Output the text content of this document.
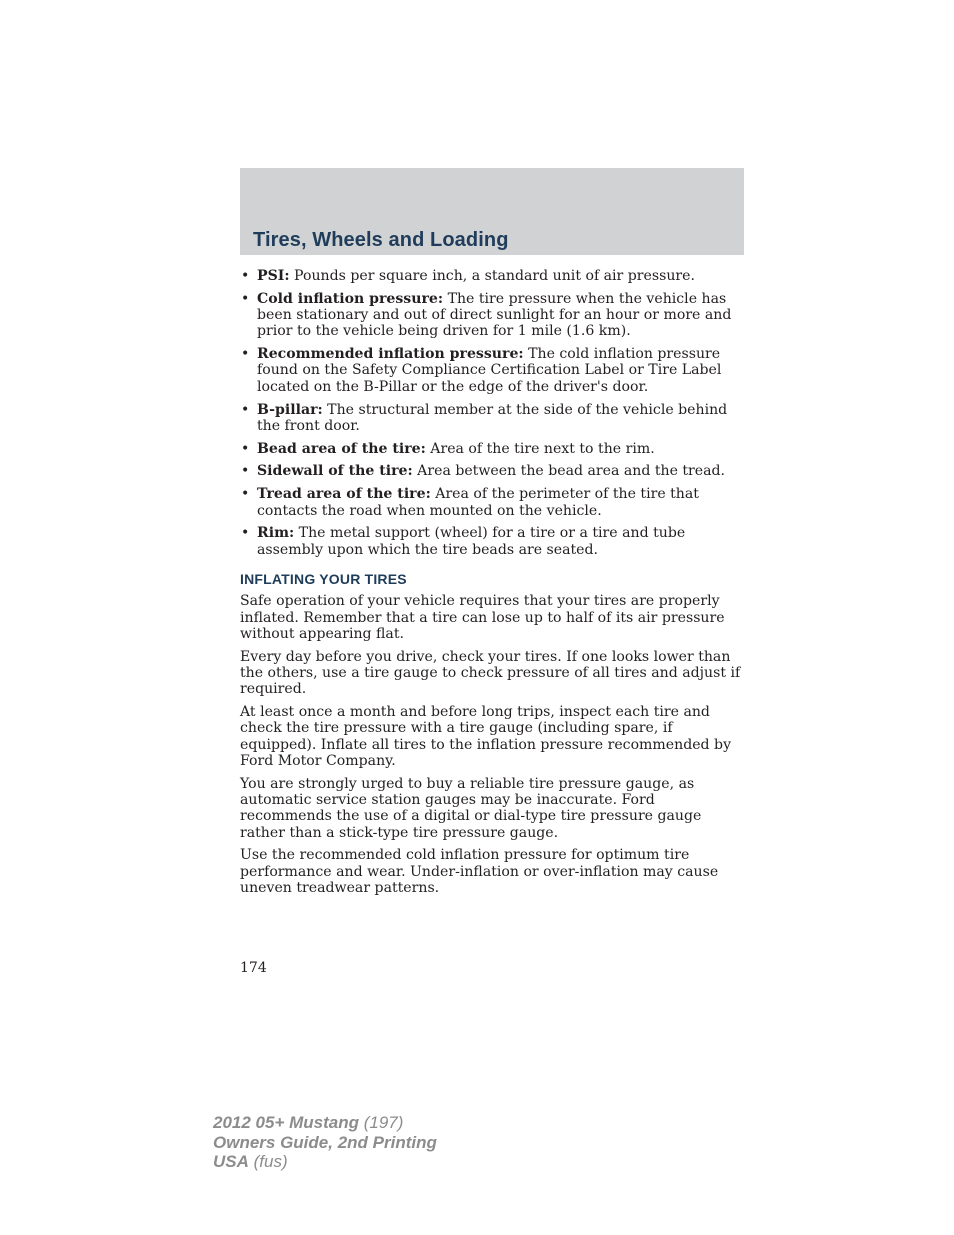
Tires, Wheels and Loading
• PSI: Pounds per square inch, a standard unit of air pressure.
• Cold inflation pressure: The tire pressure when the vehicle has been stationary and out of direct sunlight for an hour or more and prior to the vehicle being driven for 1 mile (1.6 km).
• Recommended inflation pressure: The cold inflation pressure found on the Safety Compliance Certification Label or Tire Label located on the B-Pillar or the edge of the driver's door.
• B-pillar: The structural member at the side of the vehicle behind the front door.
• Bead area of the tire: Area of the tire next to the rim.
• Sidewall of the tire: Area between the bead area and the tread.
• Tread area of the tire: Area of the perimeter of the tire that contacts the road when mounted on the vehicle.
• Rim: The metal support (wheel) for a tire or a tire and tube assembly upon which the tire beads are seated.
INFLATING YOUR TIRES

Safe operation of your vehicle requires that your tires are properly inflated. Remember that a tire can lose up to half of its air pressure without appearing flat.

Every day before you drive, check your tires. If one looks lower than the others, use a tire gauge to check pressure of all tires and adjust if required.

At least once a month and before long trips, inspect each tire and check the tire pressure with a tire gauge (including spare, if equipped). Inflate all tires to the inflation pressure recommended by Ford Motor Company.

You are strongly urged to buy a reliable tire pressure gauge, as automatic service station gauges may be inaccurate. Ford recommends the use of a digital or dial-type tire pressure gauge rather than a stick-type tire pressure gauge.

Use the recommended cold inflation pressure for optimum tire performance and wear. Under-inflation or over-inflation may cause uneven treadwear patterns.

174
2012 05+ Mustang (197)
Owners Guide, 2nd Printing
USA (fus)
